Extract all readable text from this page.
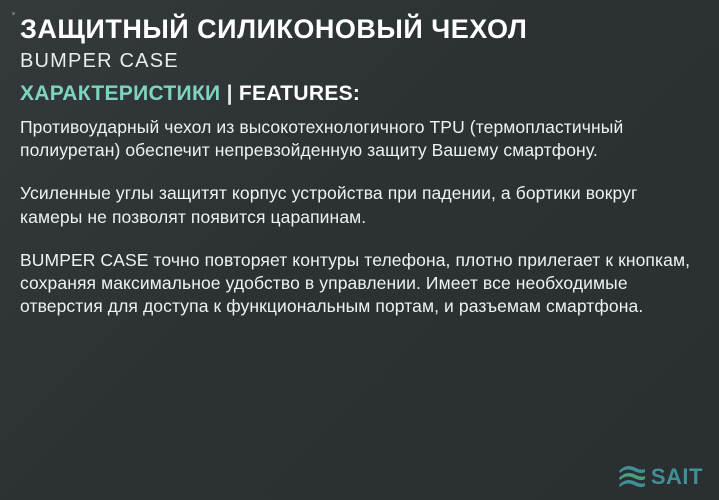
ЗАЩИТНЫЙ СИЛИКОНОВЫЙ ЧЕХОЛ
BUMPER CASE
ХАРАКТЕРИСТИКИ | FEATURES:

Противоударный чехол из высокотехнологичного TPU (термопластичный полиуретан) обеспечит непревзойденную защиту Вашему смартфону.

Усиленные углы защитят корпус устройства при падении, а бортики вокруг камеры не позволят появится царапинам.

BUMPER CASE точно повторяет контуры телефона, плотно прилегает к кнопкам, сохраняя максимальное удобство в управлении. Имеет все необходимые отверстия для доступа к функциональным портам, и разъемам смартфона.

SAIT
